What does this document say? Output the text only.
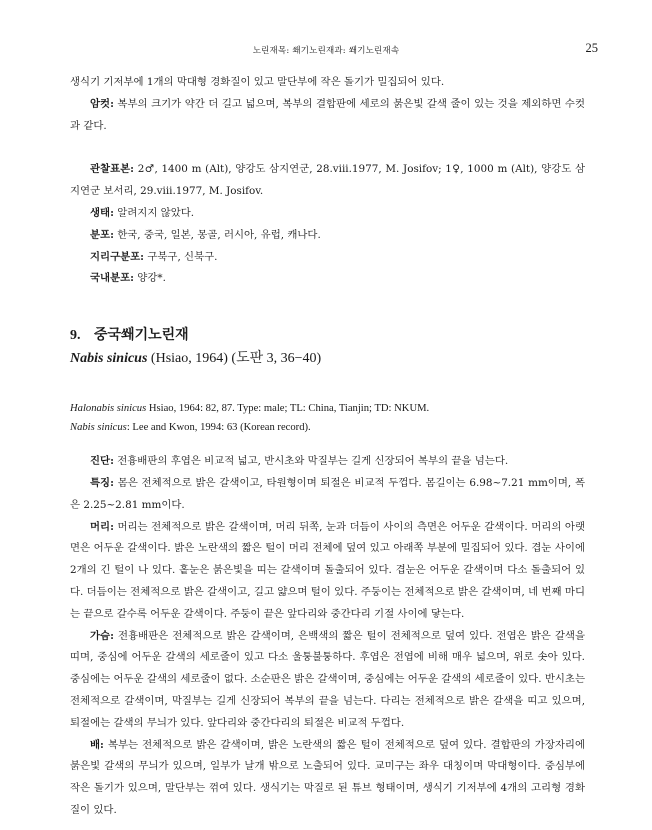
노린재목: 쐐기노린재과: 쐐기노린재속	25

생식기 기저부에 1개의 막대형 경화질이 있고 말단부에 작은 돌기가 밀집되어 있다.

암컷: 복부의 크기가 약간 더 길고 넓으며, 복부의 결합판에 세로의 붉은빛 갈색 줄이 있는 것을 제외하면 수컷과 같다.

관찰표본: 2♂, 1400 m (Alt), 양강도 삼지연군, 28.viii.1977, M. Josifov; 1♀, 1000 m (Alt), 양강도 삼지연군 보서리, 29.viii.1977, M. Josifov.

생태: 알려지지 않았다.

분포: 한국, 중국, 일본, 몽골, 러시아, 유럽, 캐나다.

지리구분포: 구북구, 신북구.

국내분포: 양강*.

9. 중국쐐기노린재

Nabis sinicus (Hsiao, 1964) (도판 3, 36−40)

Halonabis sinicus Hsiao, 1964: 82, 87. Type: male; TL: China, Tianjin; TD: NKUM.

Nabis sinicus: Lee and Kwon, 1994: 63 (Korean record).

진단: 전흉배판의 후엽은 비교적 넓고, 반시초와 막질부는 길게 신장되어 복부의 끝을 넘는다.

특징: 몸은 전체적으로 밝은 갈색이고, 타원형이며 퇴절은 비교적 두껍다. 몸길이는 6.98~7.21 mm이며, 폭은 2.25~2.81 mm이다.

머리: 머리는 전체적으로 밝은 갈색이며, 머리 뒤쪽, 눈과 더듬이 사이의 측면은 어두운 갈색이다. 머리의 아랫면은 어두운 갈색이다. 밝은 노란색의 짧은 털이 머리 전체에 덮여 있고 아래쪽 부분에 밀집되어 있다. 겹눈 사이에 2개의 긴 털이 나 있다. 홑눈은 붉은빛을 띠는 갈색이며 돌출되어 있다. 겹눈은 어두운 갈색이며 다소 돌출되어 있다. 더듬이는 전체적으로 밝은 갈색이고, 길고 얇으며 털이 있다. 주둥이는 전체적으로 밝은 갈색이며, 네 번째 마디는 끝으로 갈수록 어두운 갈색이다. 주둥이 끝은 앞다리와 중간다리 기절 사이에 닿는다.

가슴: 전흉배판은 전체적으로 밝은 갈색이며, 은백색의 짧은 털이 전체적으로 덮여 있다. 전엽은 밝은 갈색을 띠며, 중심에 어두운 갈색의 세로줄이 있고 다소 울퉁불퉁하다. 후엽은 전엽에 비해 매우 넓으며, 위로 솟아 있다. 중심에는 어두운 갈색의 세로줄이 없다. 소순판은 밝은 갈색이며, 중심에는 어두운 갈색의 세로줄이 있다. 반시초는 전체적으로 갈색이며, 막질부는 길게 신장되어 복부의 끝을 넘는다. 다리는 전체적으로 밝은 갈색을 띠고 있으며, 퇴절에는 갈색의 무늬가 있다. 앞다리와 중간다리의 퇴절은 비교적 두껍다.

배: 복부는 전체적으로 밝은 갈색이며, 밝은 노란색의 짧은 털이 전체적으로 덮여 있다. 결합판의 가장자리에 붉은빛 갈색의 무늬가 있으며, 일부가 날개 밖으로 노출되어 있다. 교미구는 좌우 대칭이며 막대형이다. 중심부에 작은 돌기가 있으며, 말단부는 꺾여 있다. 생식기는 막질로 된 튜브 형태이며, 생식기 기저부에 4개의 고리형 경화질이 있다.
